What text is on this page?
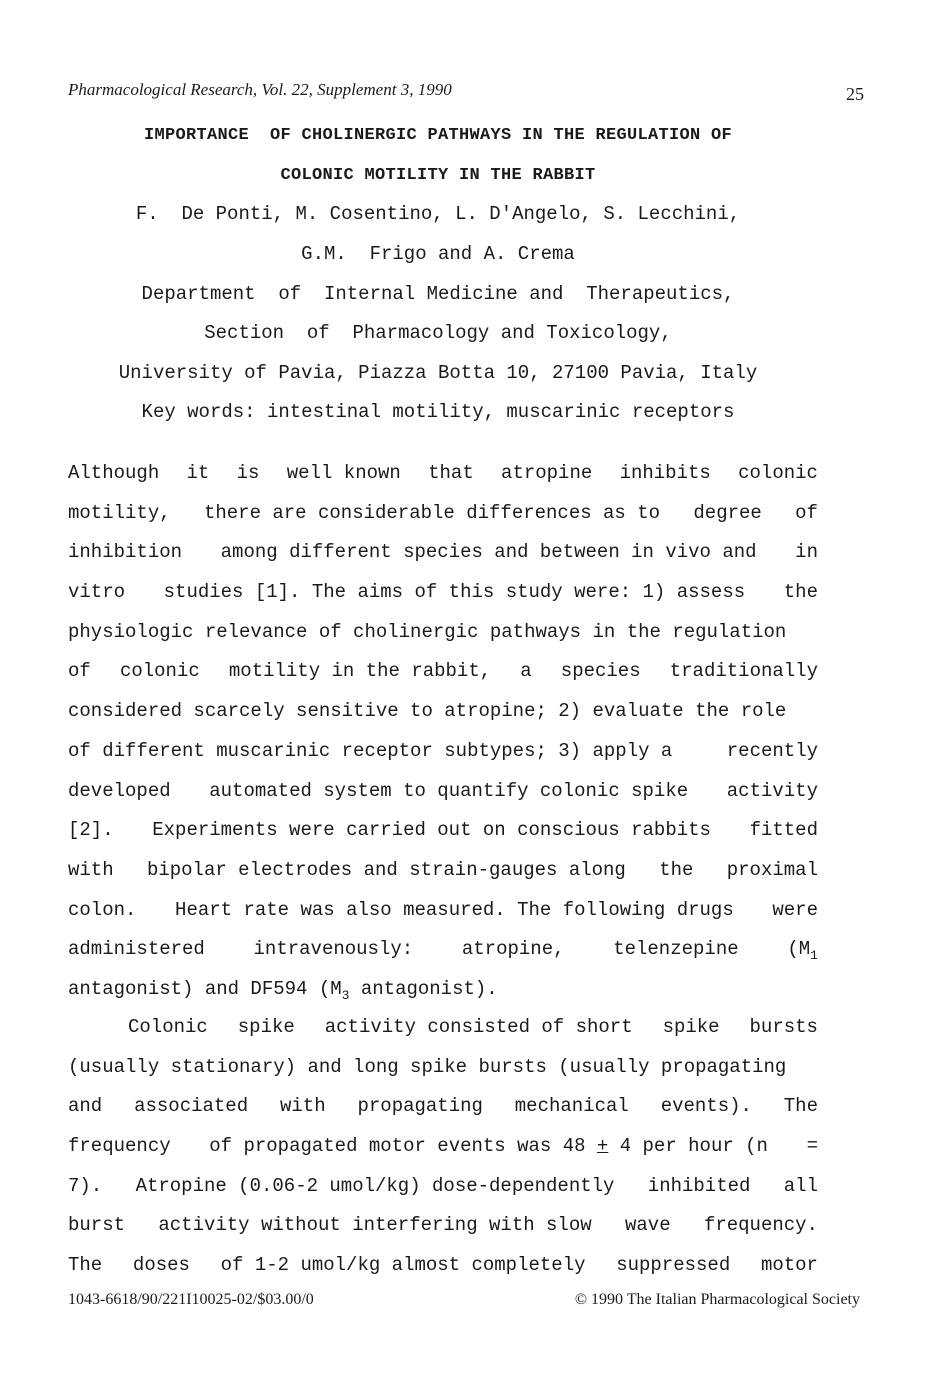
Pharmacological Research, Vol. 22, Supplement 3, 1990	25
IMPORTANCE  OF CHOLINERGIC PATHWAYS IN THE REGULATION OF
COLONIC MOTILITY IN THE RABBIT
F.  De Ponti, M. Cosentino, L. D'Angelo, S. Lecchini,
G.M.  Frigo and A. Crema
Department  of  Internal Medicine and  Therapeutics,
Section  of  Pharmacology and Toxicology,
University of Pavia, Piazza Botta 10, 27100 Pavia, Italy
Key words: intestinal motility, muscarinic receptors
Although it is well known that atropine inhibits colonic
motility, there are considerable differences as to degree of
inhibition among different species and between in vivo and in
vitro studies [1]. The aims of this study were: 1) assess the
physiologic relevance of cholinergic pathways in the regulation
of colonic motility in the rabbit, a species traditionally
considered scarcely sensitive to atropine; 2) evaluate the role
of different muscarinic receptor subtypes; 3) apply a	recently
developed automated system to quantify colonic spike activity
[2]. Experiments were carried out on conscious rabbits fitted
with bipolar electrodes and strain-gauges along the proximal
colon. Heart rate was also measured. The following drugs were
administered	intravenously:	atropine,	telenzepine	($M_1$
antagonist) and DF594 ($M_3$ antagonist).
Colonic spike activity consisted of short spike bursts
(usually stationary) and long spike bursts (usually propagating
and associated with propagating mechanical events). The
frequency of propagated motor events was 48 + 4 per hour (n =
7). Atropine (0.06-2 umol/kg) dose-dependently inhibited all
burst activity without interfering with slow wave frequency.
The doses of 1-2 umol/kg almost completely suppressed motor
1043-6618/90/221I10025-02/$03.00/0	© 1990 The Italian Pharmacological Society
